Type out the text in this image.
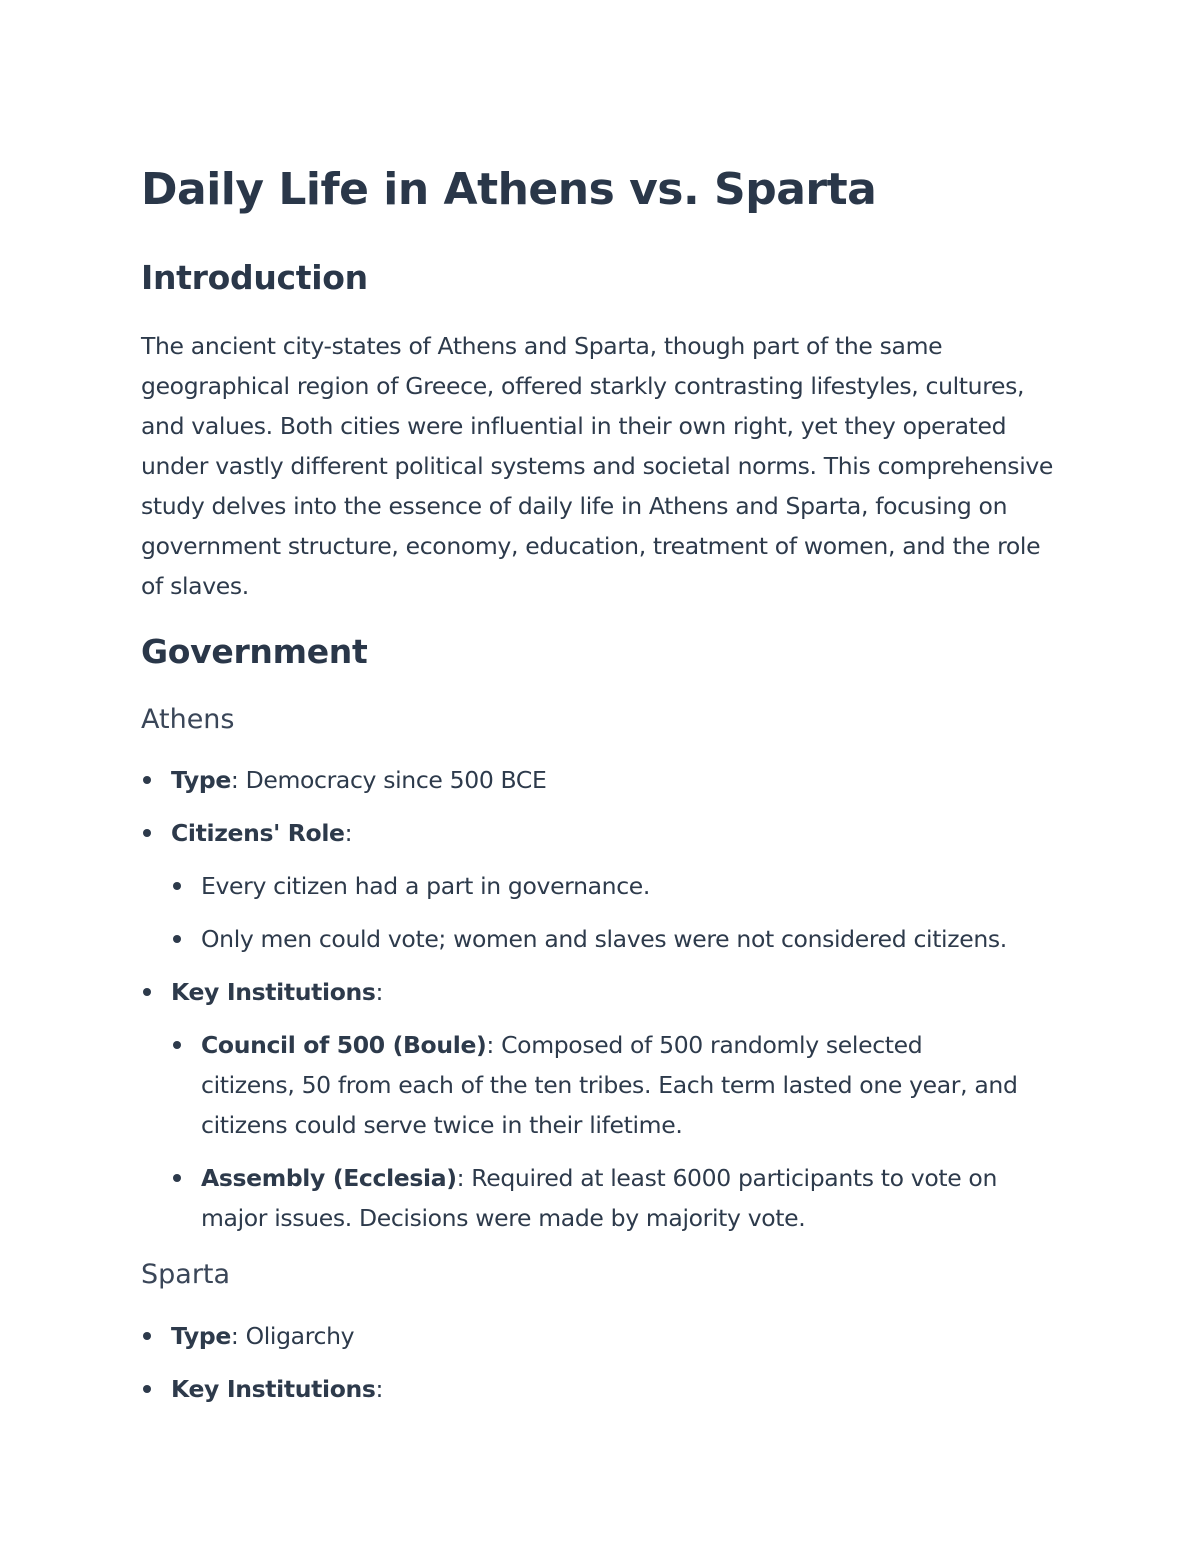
Daily Life in Athens vs. Sparta
Introduction

The ancient city-states of Athens and Sparta, though part of the same geographical region of Greece, offered starkly contrasting lifestyles, cultures, and values. Both cities were influential in their own right, yet they operated under vastly different political systems and societal norms. This comprehensive study delves into the essence of daily life in Athens and Sparta, focusing on government structure, economy, education, treatment of women, and the role of slaves.

Government
Athens
Type: Democracy since 500 BCE
Citizens' Role:
Every citizen had a part in governance.
Only men could vote; women and slaves were not considered citizens.
Key Institutions:
Council of 500 (Boule): Composed of 500 randomly selected citizens, 50 from each of the ten tribes. Each term lasted one year, and citizens could serve twice in their lifetime.
Assembly (Ecclesia): Required at least 6000 participants to vote on major issues. Decisions were made by majority vote.
Sparta
Type: Oligarchy
Key Institutions:
